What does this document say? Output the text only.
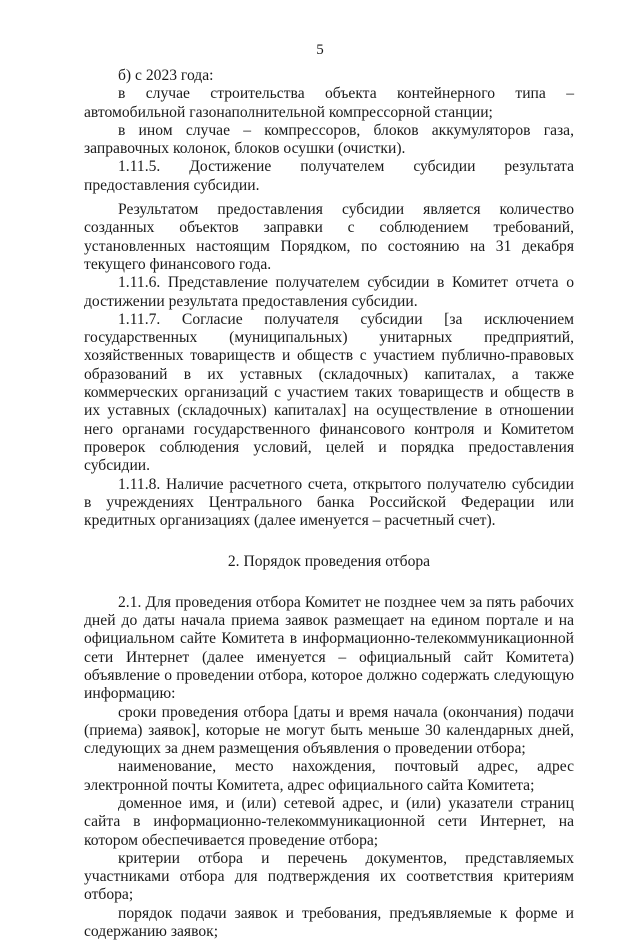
5

б) с 2023 года:

в случае строительства объекта контейнерного типа – автомобильной газонаполнительной компрессорной станции;

в ином случае – компрессоров, блоков аккумуляторов газа, заправочных колонок, блоков осушки (очистки).

1.11.5. Достижение получателем субсидии результата предоставления субсидии.

Результатом предоставления субсидии является количество созданных объектов заправки с соблюдением требований, установленных настоящим Порядком, по состоянию на 31 декабря текущего финансового года.

1.11.6. Представление получателем субсидии в Комитет отчета о достижении результата предоставления субсидии.

1.11.7. Согласие получателя субсидии [за исключением государственных (муниципальных) унитарных предприятий, хозяйственных товариществ и обществ с участием публично-правовых образований в их уставных (складочных) капиталах, а также коммерческих организаций с участием таких товариществ и обществ в их уставных (складочных) капиталах] на осуществление в отношении него органами государственного финансового контроля и Комитетом проверок соблюдения условий, целей и порядка предоставления субсидии.

1.11.8. Наличие расчетного счета, открытого получателю субсидии в учреждениях Центрального банка Российской Федерации или кредитных организациях (далее именуется – расчетный счет).

2. Порядок проведения отбора

2.1. Для проведения отбора Комитет не позднее чем за пять рабочих дней до даты начала приема заявок размещает на едином портале и на официальном сайте Комитета в информационно-телекоммуникационной сети Интернет (далее именуется – официальный сайт Комитета) объявление о проведении отбора, которое должно содержать следующую информацию:

сроки проведения отбора [даты и время начала (окончания) подачи (приема) заявок], которые не могут быть меньше 30 календарных дней, следующих за днем размещения объявления о проведении отбора;

наименование, место нахождения, почтовый адрес, адрес электронной почты Комитета, адрес официального сайта Комитета;

доменное имя, и (или) сетевой адрес, и (или) указатели страниц сайта в информационно-телекоммуникационной сети Интернет, на котором обеспечивается проведение отбора;

критерии отбора и перечень документов, представляемых участниками отбора для подтверждения их соответствия критериям отбора;

порядок подачи заявок и требования, предъявляемые к форме и содержанию заявок;
